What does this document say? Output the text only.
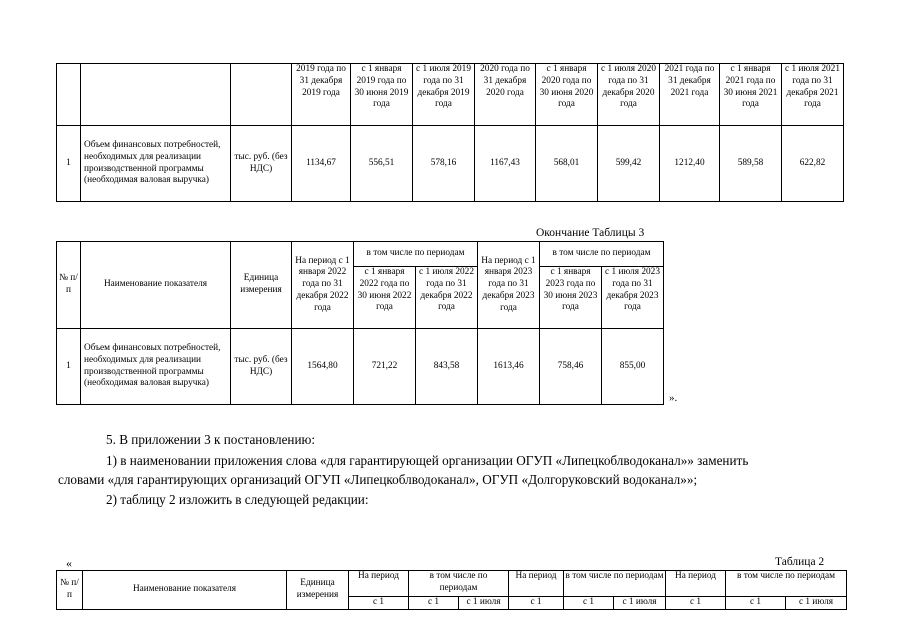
			2019 года по 31 декабря 2019 года	с 1 января 2019 года по 30 июня 2019 года	с 1 июля 2019 года по 31 декабря 2019 года	2020 года по 31 декабря 2020 года	с 1 января 2020 года по 30 июня 2020 года	с 1 июля 2020 года по 31 декабря 2020 года	2021 года по 31 декабря 2021 года	с 1 января 2021 года по 30 июня 2021 года	с 1 июля 2021 года по 31 декабря 2021 года
1	Объем финансовых потребностей, необходимых для реализации производственной программы (необходимая валовая выручка)	тыс. руб. (без НДС)	1134,67	556,51	578,16	1167,43	568,01	599,42	1212,40	589,58	622,82
Окончание Таблицы 3
№ п/п	Наименование показателя	Единица измерения	На период с 1 января 2022 года по 31 декабря 2022 года	в том числе по периодам		На период с 1 января 2023 года по 31 декабря 2023 года	в том числе по периодам	
				с 1 января 2022 года по 30 июня 2022 года	с 1 июля 2022 года по 31 декабря 2022 года		с 1 января 2023 года по 30 июня 2023 года	с 1 июля 2023 года по 31 декабря 2023 года
1	Объем финансовых потребностей, необходимых для реализации производственной программы (необходимая валовая выручка)	тыс. руб. (без НДС)	1564,80	721,22	843,58	1613,46	758,46	855,00
».
5. В приложении 3 к постановлению:
1) в наименовании приложения слова «для гарантирующей организации ОГУП «Липецкоблводоканал»» заменить
словами «для гарантирующих организаций ОГУП «Липецкоблводоканал», ОГУП «Долгоруковский водоканал»»;
2) таблицу 2 изложить в следующей редакции:
«	Таблица 2
№ п/п	Наименование показателя	Единица измерения	На период	в том числе по периодам		На период	в том числе по периодам		На период	в том числе по периодам	
			с 1	с 1	с 1 июля	с 1	с 1	с 1 июля	с 1	с 1	с 1 июля
